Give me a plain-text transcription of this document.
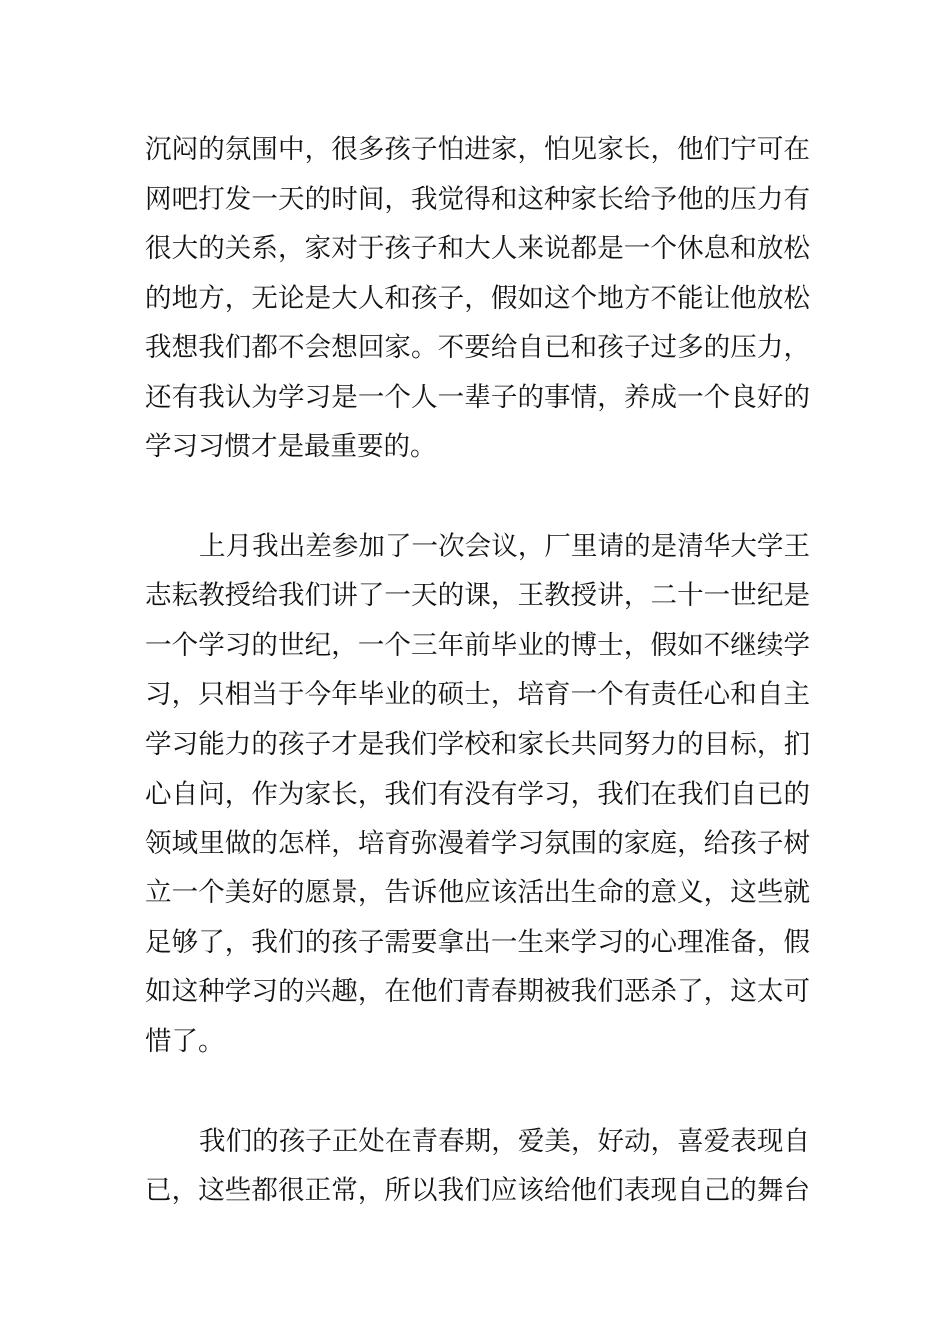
沉闷的氛围中，很多孩子怕进家，怕见家长，他们宁可在
网吧打发一天的时间，我觉得和这种家长给予他的压力有
很大的关系，家对于孩子和大人来说都是一个休息和放松
的地方，无论是大人和孩子，假如这个地方不能让他放松
我想我们都不会想回家。不要给自已和孩子过多的压力，
还有我认为学习是一个人一辈子的事情，养成一个良好的
学习习惯才是最重要的。
上月我出差参加了一次会议，厂里请的是清华大学王
志耘教授给我们讲了一天的课，王教授讲，二十一世纪是
一个学习的世纪，一个三年前毕业的博士，假如不继续学
习，只相当于今年毕业的硕士，培育一个有责任心和自主
学习能力的孩子才是我们学校和家长共同努力的目标，扪
心自问，作为家长，我们有没有学习，我们在我们自已的
领域里做的怎样，培育弥漫着学习氛围的家庭，给孩子树
立一个美好的愿景，告诉他应该活出生命的意义，这些就
足够了，我们的孩子需要拿出一生来学习的心理准备，假
如这种学习的兴趣，在他们青春期被我们恶杀了，这太可
惜了。
我们的孩子正处在青春期，爱美，好动，喜爱表现自
已，这些都很正常，所以我们应该给他们表现自己的舞台
